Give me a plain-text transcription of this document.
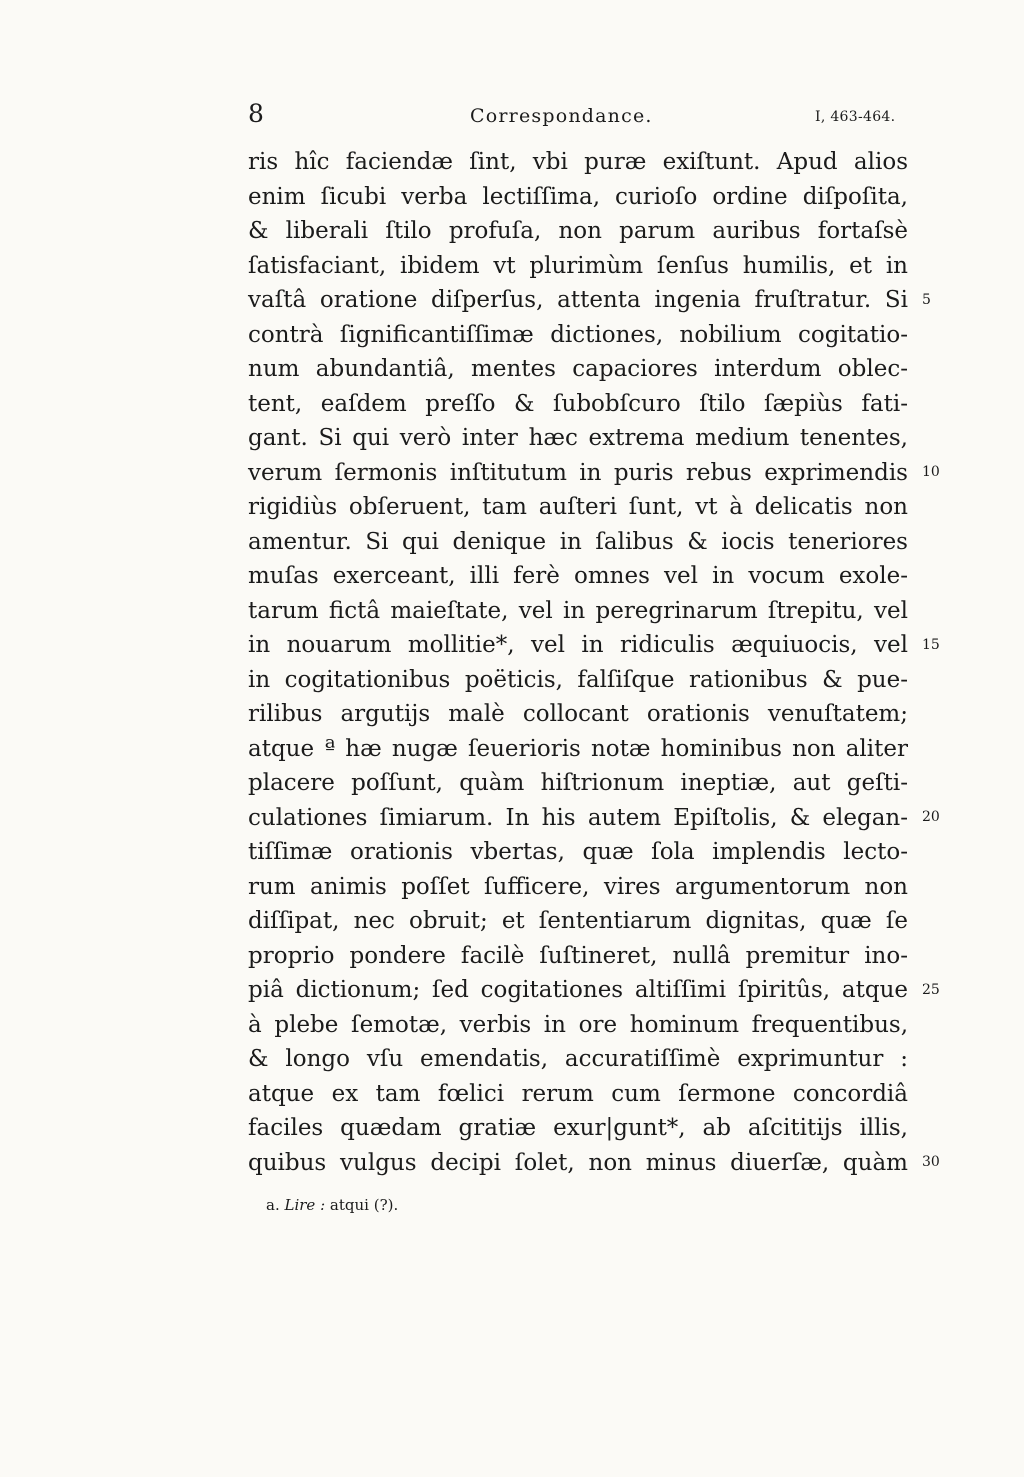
8	Correspondance.	I, 463-464.
ris hîc faciendæ ſint, vbi puræ exiſtunt. Apud alios
enim ſicubi verba lectiſſima, curioſo ordine diſpoſita,
& liberali ſtilo profuſa, non parum auribus fortaſsè
ſatisfaciant, ibidem vt plurimùm ſenſus humilis, et in
vaſtâ oratione diſperſus, attenta ingenia fruſtratur. Si
contrà ſignificantiſſimæ dictiones, nobilium cogitatio-
num abundantiâ, mentes capaciores interdum oblec-
tent, eaſdem preſſo & ſubobſcuro ſtilo ſæpiùs fati-
gant. Si qui verò inter hæc extrema medium tenentes,
verum ſermonis inſtitutum in puris rebus exprimendis
rigidiùs obſeruent, tam auſteri ſunt, vt à delicatis non
amentur. Si qui denique in ſalibus & iocis teneriores
muſas exerceant, illi ferè omnes vel in vocum exole-
tarum fictâ maieſtate, vel in peregrinarum ſtrepitu, vel
in nouarum mollitie*, vel in ridiculis æquiuocis, vel
in cogitationibus poëticis, falſiſque rationibus & pue-
rilibus argutijs malè collocant orationis venuſtatem;
atque ª hæ nugæ ſeuerioris notæ hominibus non aliter
placere poſſunt, quàm hiſtrionum ineptiæ, aut geſti-
culationes ſimiarum. In his autem Epiſtolis, & elegan-
tiſſimæ orationis vbertas, quæ ſola implendis lecto-
rum animis poſſet ſufficere, vires argumentorum non
diſſipat, nec obruit; et ſententiarum dignitas, quæ ſe
proprio pondere facilè ſuſtineret, nullâ premitur ino-
piâ dictionum; ſed cogitationes altiſſimi ſpiritûs, atque
à plebe ſemotæ, verbis in ore hominum frequentibus,
& longo vſu emendatis, accuratiſſimè exprimuntur :
atque ex tam fœlici rerum cum ſermone concordiâ
faciles quædam gratiæ exur|gunt*, ab aſcititijs illis,
quibus vulgus decipi ſolet, non minus diuerſæ, quàm
5
10
15
20
25
30
a. Lire : atqui (?).
